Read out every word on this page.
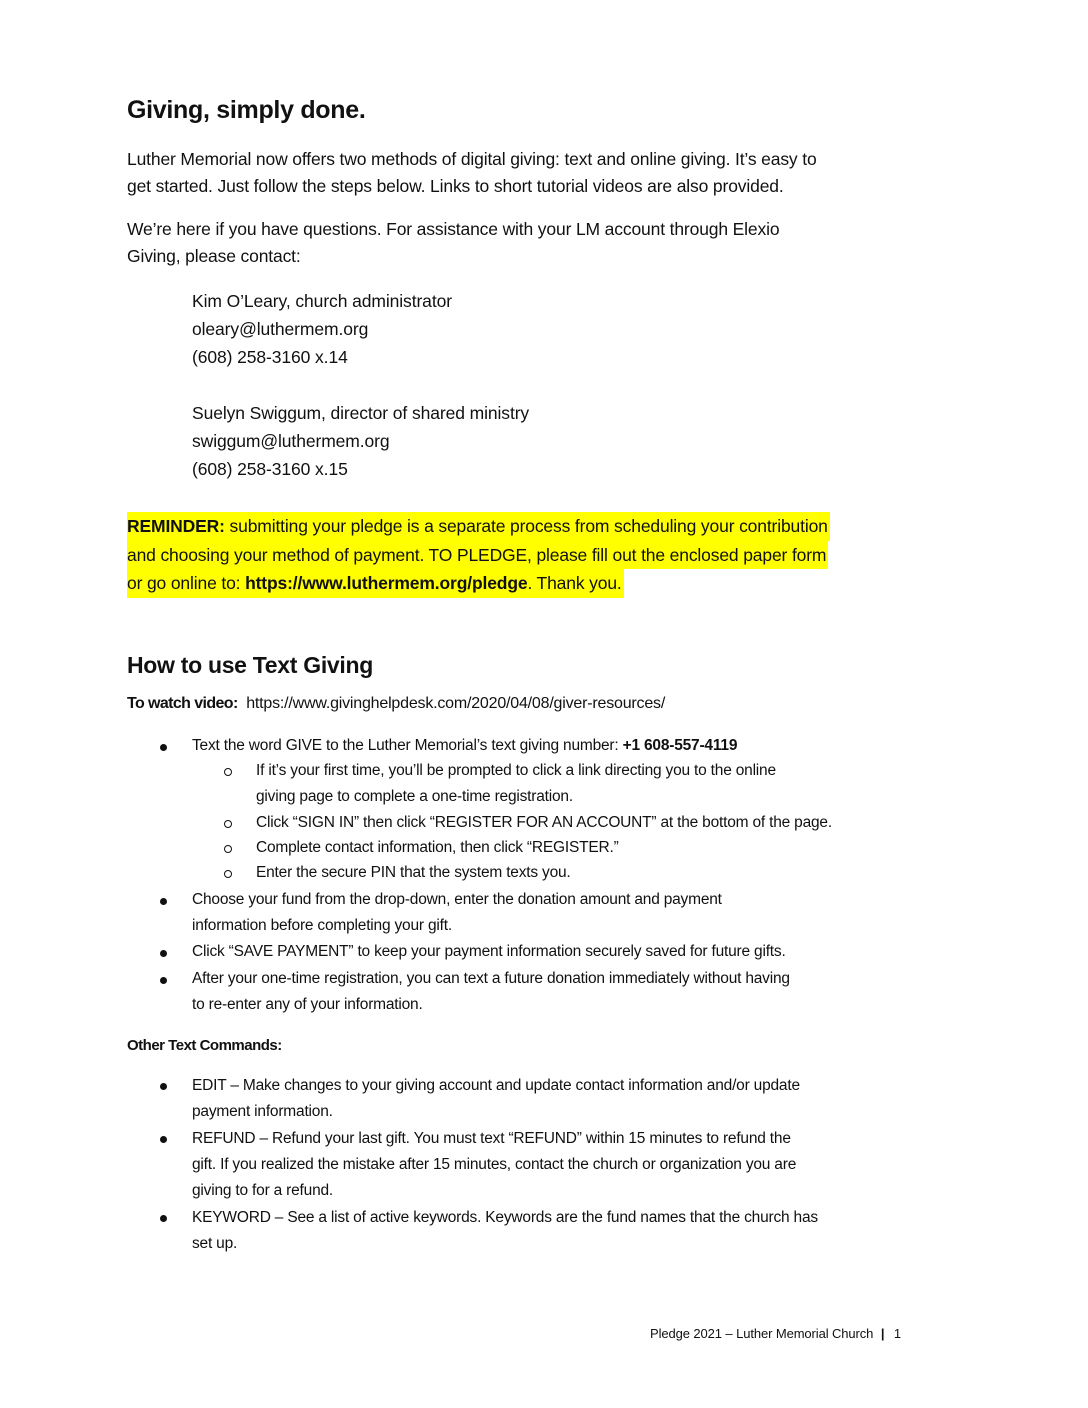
Giving, simply done.
Luther Memorial now offers two methods of digital giving: text and online giving. It’s easy to
get started. Just follow the steps below. Links to short tutorial videos are also provided.
We’re here if you have questions. For assistance with your LM account through Elexio
Giving, please contact:
Kim O’Leary, church administrator
oleary@luthermem.org
(608) 258-3160 x.14
Suelyn Swiggum, director of shared ministry
swiggum@luthermem.org
(608) 258-3160 x.15
REMINDER: submitting your pledge is a separate process from scheduling your contribution
and choosing your method of payment. TO PLEDGE, please fill out the enclosed paper form
or go online to: https://www.luthermem.org/pledge. Thank you.
How to use Text Giving
To watch video: https://www.givinghelpdesk.com/2020/04/08/giver-resources/
Text the word GIVE to the Luther Memorial’s text giving number: +1 608-557-4119
If it’s your first time, you’ll be prompted to click a link directing you to the online
giving page to complete a one-time registration.
Click “SIGN IN” then click “REGISTER FOR AN ACCOUNT” at the bottom of the page.
Complete contact information, then click “REGISTER.”
Enter the secure PIN that the system texts you.
Choose your fund from the drop-down, enter the donation amount and payment
information before completing your gift.
Click “SAVE PAYMENT” to keep your payment information securely saved for future gifts.
After your one-time registration, you can text a future donation immediately without having
to re-enter any of your information.
Other Text Commands:
EDIT – Make changes to your giving account and update contact information and/or update
payment information.
REFUND – Refund your last gift. You must text “REFUND” within 15 minutes to refund the
gift. If you realized the mistake after 15 minutes, contact the church or organization you are
giving to for a refund.
KEYWORD – See a list of active keywords. Keywords are the fund names that the church has
set up.
Pledge 2021 – Luther Memorial Church | 1
